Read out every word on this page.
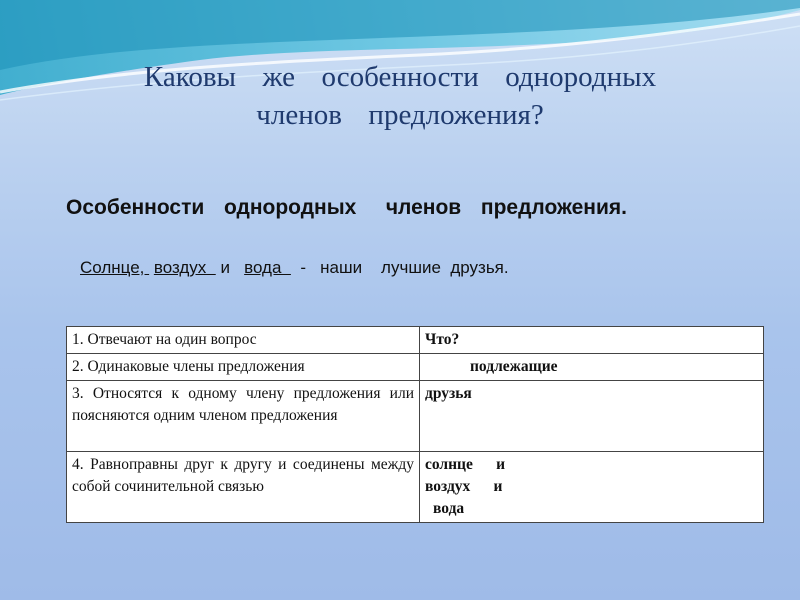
Каковы  же  особенности  однородных
членов  предложения?
Особенности  однородных   членов  предложения.
Солнце,  воздух   и   вода    -   наши    лучшие  друзья.
1. Отвечают на один вопрос	Что?

2. Одинаковые члены предложения	подлежащие

3. Относятся к одному члену предложения или поясняются одним членом предложения	друзья

4. Равноправны друг к другу и соединены между собой сочинительной связью	солнце      и
воздух      и
вода
